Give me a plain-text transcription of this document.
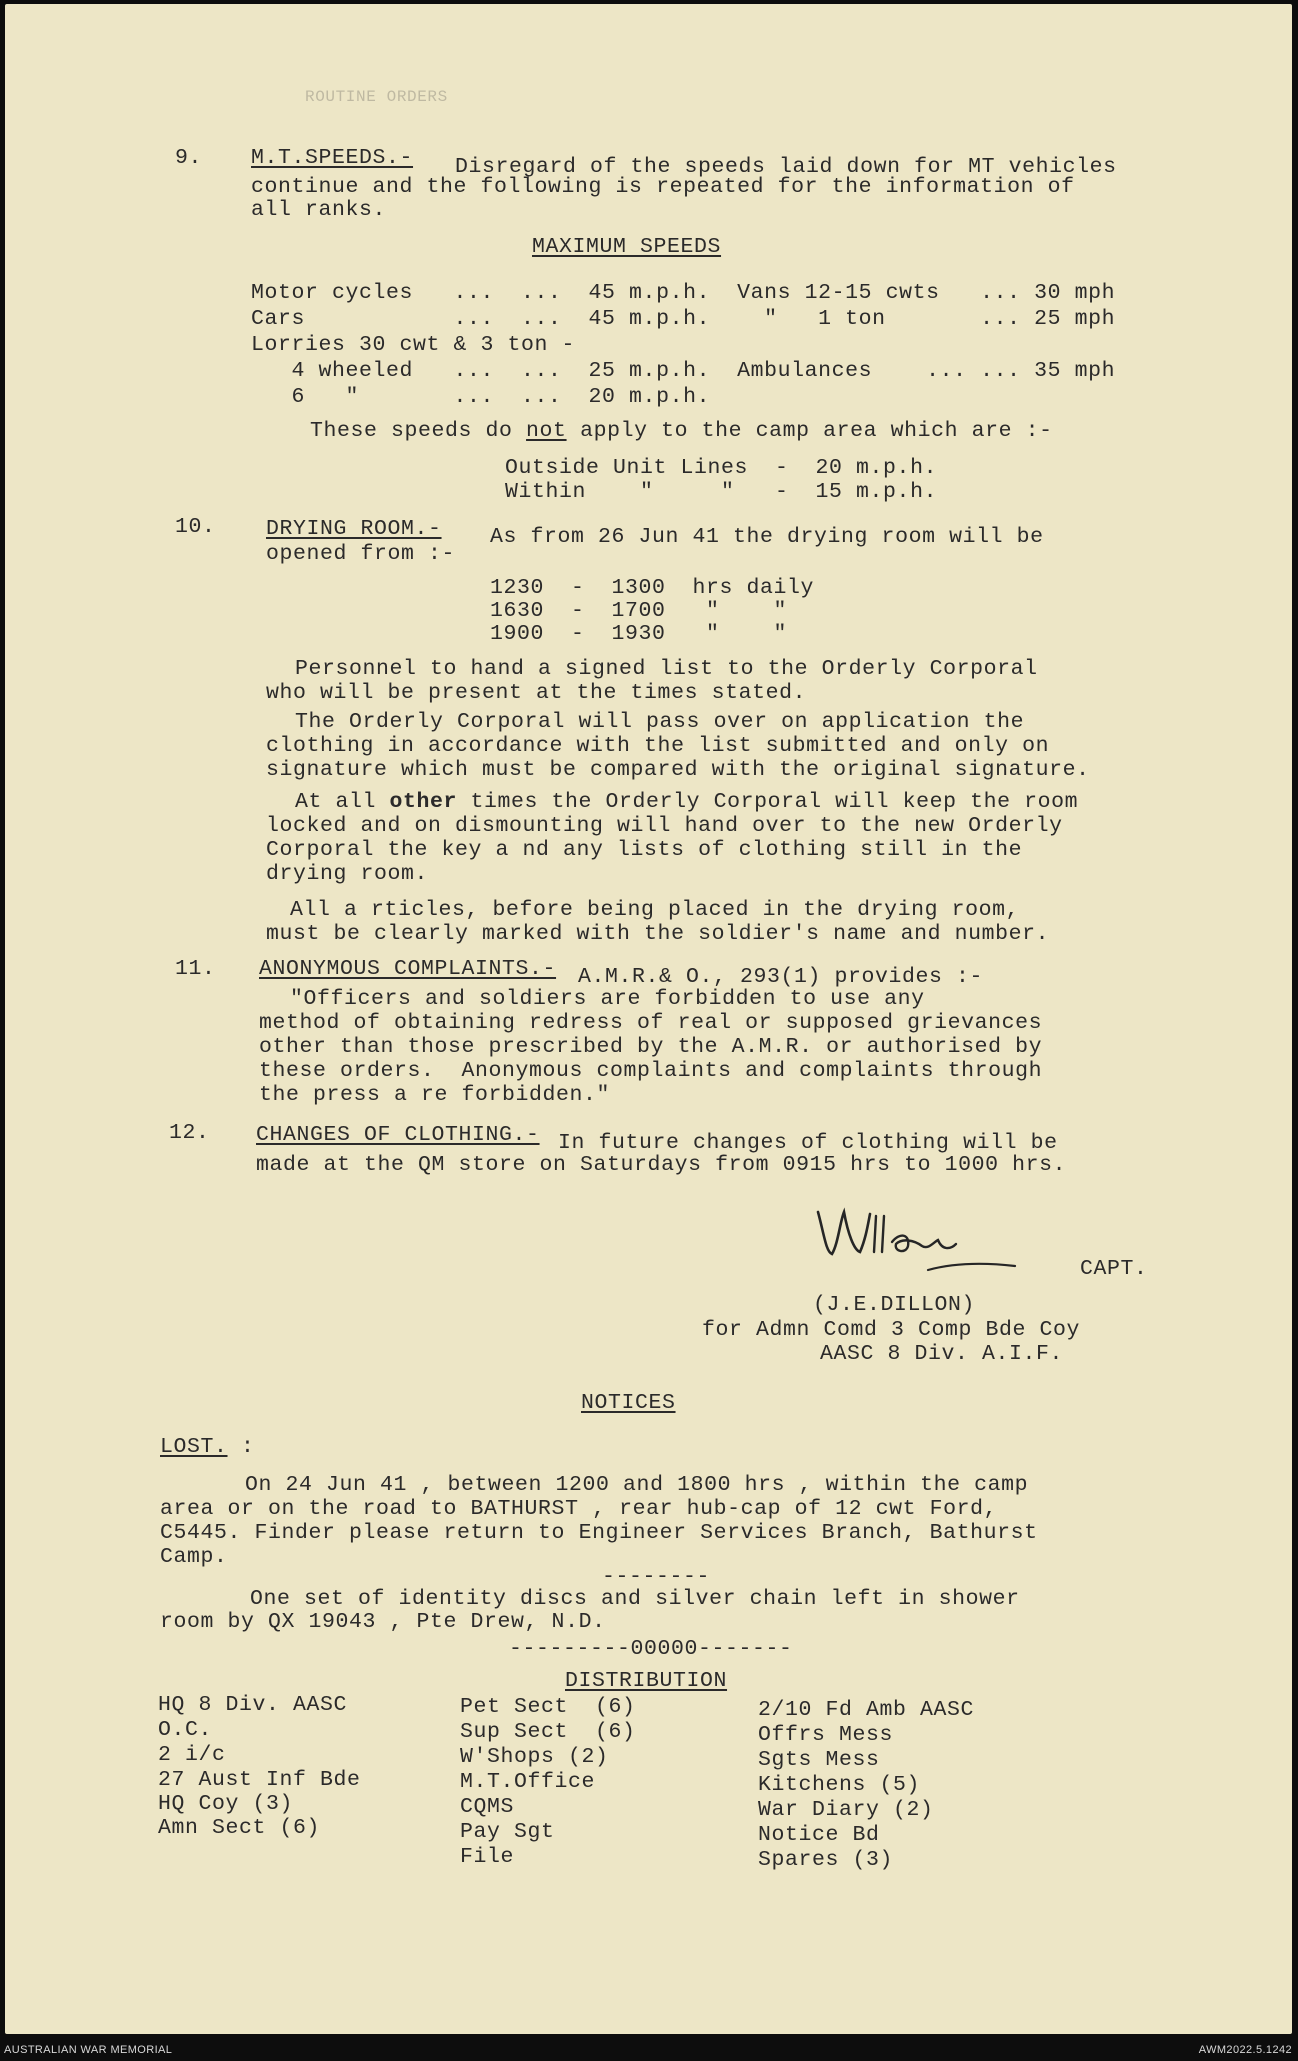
ROUTINE ORDERS
9. M.T.SPEEDS.- Disregard of the speeds laid down for MT vehicles
continue and the following is repeated for the information of
all ranks.
MAXIMUM SPEEDS
Motor cycles   ...  ...  45 m.p.h.  Vans 12-15 cwts   ... 30 mph
Cars           ...  ...  45 m.p.h.    "   1 ton       ... 25 mph
Lorries 30 cwt & 3 ton -
4 wheeled   ...  ...  25 m.p.h.  Ambulances    ... ... 35 mph
6   "       ...  ...  20 m.p.h.
These speeds do not apply to the camp area which are :-
Outside Unit Lines  -  20 m.p.h.
Within    "     "   -  15 m.p.h.
10. DRYING ROOM.- As from 26 Jun 41 the drying room will be
opened from :-
1230  -  1300  hrs daily
1630  -  1700   "    "
1900  -  1930   "    "
Personnel to hand a signed list to the Orderly Corporal
who will be present at the times stated.
The Orderly Corporal will pass over on application the
clothing in accordance with the list submitted and only on
signature which must be compared with the original signature.
At all other times the Orderly Corporal will keep the room
locked and on dismounting will hand over to the new Orderly
Corporal the key a nd any lists of clothing still in the
drying room.
All a rticles, before being placed in the drying room,
must be clearly marked with the soldier's name and number.
11. ANONYMOUS COMPLAINTS.- A.M.R.& O., 293(1) provides :-
"Officers and soldiers are forbidden to use any
method of obtaining redress of real or supposed grievances
other than those prescribed by the A.M.R. or authorised by
these orders.  Anonymous complaints and complaints through
the press a re forbidden."
12. CHANGES OF CLOTHING.- In future changes of clothing will be
made at the QM store on Saturdays from 0915 hrs to 1000 hrs.
CAPT.
(J.E.DILLON)
for Admn Comd 3 Comp Bde Coy
AASC 8 Div. A.I.F.
NOTICES
LOST. :
On 24 Jun 41 , between 1200 and 1800 hrs , within the camp
area or on the road to BATHURST , rear hub-cap of 12 cwt Ford,
C5445. Finder please return to Engineer Services Branch, Bathurst
Camp.
--------
One set of identity discs and silver chain left in shower
room by QX 19043 , Pte Drew, N.D.
---------00000-------
DISTRIBUTION
HQ 8 Div. AASC
O.C.
2 i/c
27 Aust Inf Bde
HQ Coy (3)
Amn Sect (6)
Pet Sect  (6)
Sup Sect  (6)
W'Shops (2)
M.T.Office
CQMS
Pay Sgt
File
2/10 Fd Amb AASC
Offrs Mess
Sgts Mess
Kitchens (5)
War Diary (2)
Notice Bd
Spares (3)
AUSTRALIAN WAR MEMORIAL	AWM2022.5.1242
